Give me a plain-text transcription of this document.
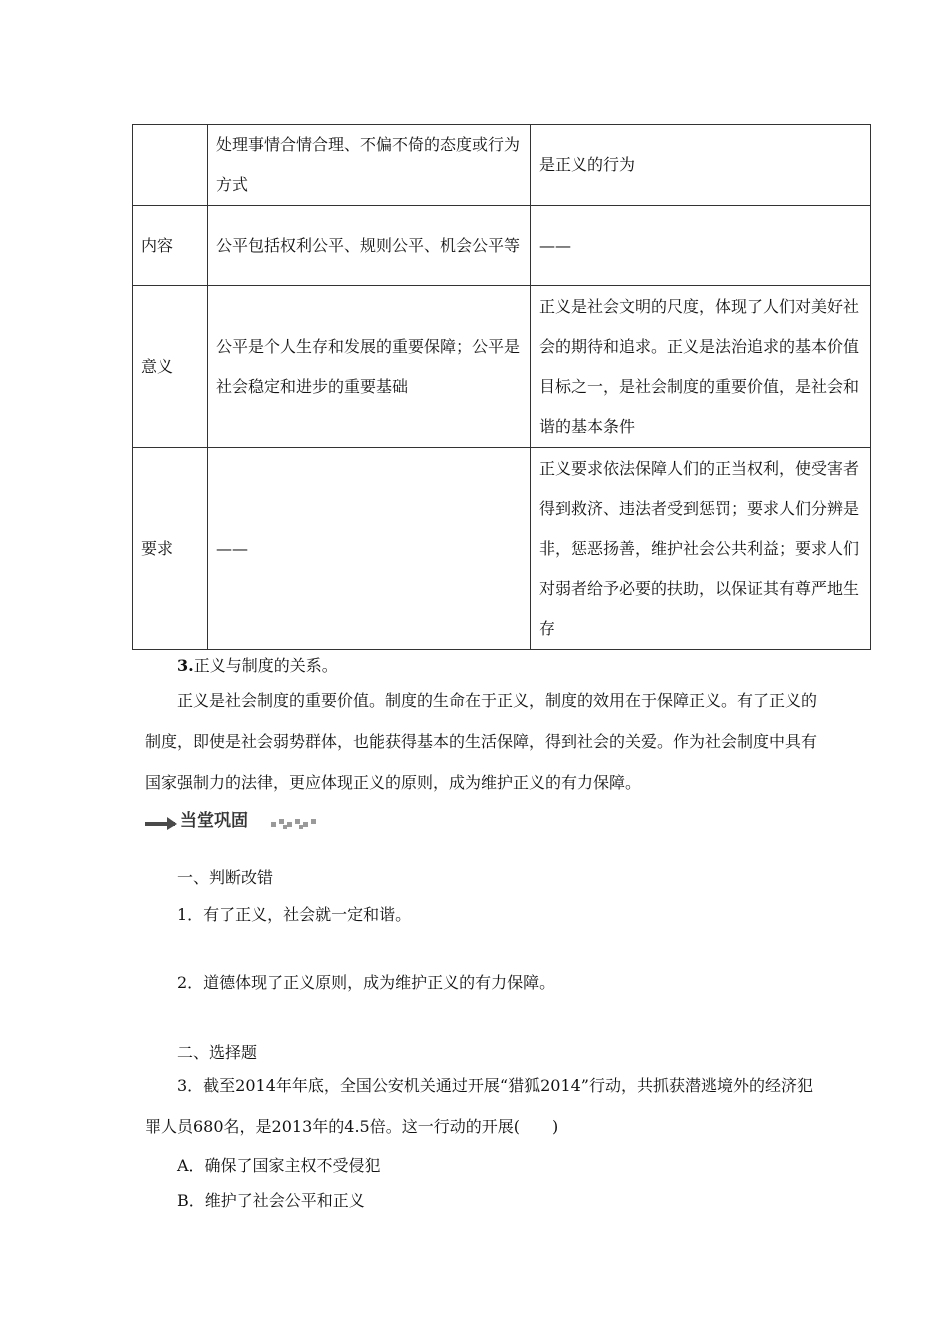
	处理事情合情合理、不偏不倚的态度或行为方式	是正义的行为
内容	公平包括权利公平、规则公平、机会公平等	——
意义	公平是个人生存和发展的重要保障；公平是社会稳定和进步的重要基础	正义是社会文明的尺度，体现了人们对美好社会的期待和追求。正义是法治追求的基本价值目标之一，是社会制度的重要价值，是社会和谐的基本条件
要求	——	正义要求依法保障人们的正当权利，使受害者得到救济、违法者受到惩罚；要求人们分辨是非，惩恶扬善，维护社会公共利益；要求人们对弱者给予必要的扶助，以保证其有尊严地生存
3.正义与制度的关系。
正义是社会制度的重要价值。制度的生命在于正义，制度的效用在于保障正义。有了正义的制度，即使是社会弱势群体，也能获得基本的生活保障，得到社会的关爱。作为社会制度中具有国家强制力的法律，更应体现正义的原则，成为维护正义的有力保障。
当堂巩固
一、判断改错
1．有了正义，社会就一定和谐。
2．道德体现了正义原则，成为维护正义的有力保障。
二、选择题
3．截至2014年年底，全国公安机关通过开展“猎狐2014”行动，共抓获潜逃境外的经济犯罪人员680名，是2013年的4.5倍。这一行动的开展(　　)
A．确保了国家主权不受侵犯
B．维护了社会公平和正义
